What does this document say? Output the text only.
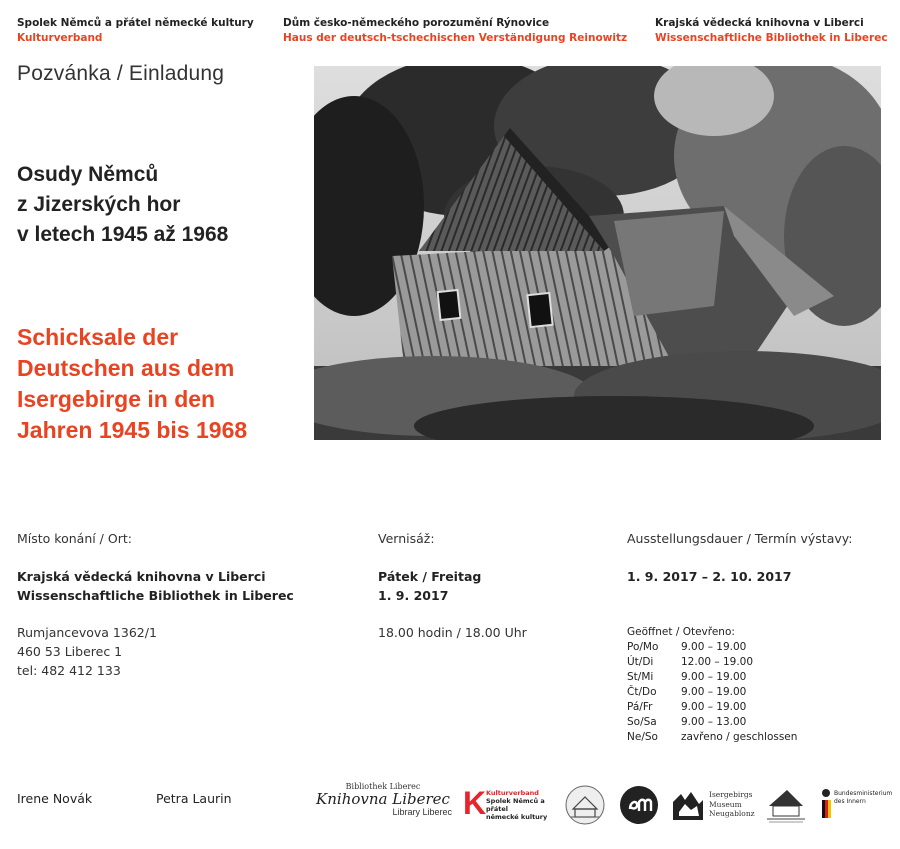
Spolek Němců a přátel německé kultury
Kulturverband
Dům česko-německého porozumění Rýnovice
Haus der deutsch-tschechischen Verständigung Reinowitz
Krajská vědecká knihovna v Liberci
Wissenschaftliche Bibliothek in Liberec
Pozvánka / Einladung
Osudy Němců
z Jizerských hor
v letech 1945 až 1968
Schicksale der
Deutschen aus dem
Isergebirge in den
Jahren 1945 bis 1968
Místo konání / Ort:
Krajská vědecká knihovna v Liberci
Wissenschaftliche Bibliothek in Liberec
Rumjancevova 1362/1
460 53 Liberec 1
tel: 482 412 133
Vernisáž:
Pátek / Freitag
1. 9. 2017
18.00 hodin / 18.00 Uhr
Ausstellungsdauer / Termín výstavy:
1. 9. 2017 – 2. 10. 2017
Geöffnet / Otevřeno:
Po/Mo	9.00 – 19.00
Út/Di	12.00 – 19.00
St/Mi	9.00 – 19.00
Čt/Do	9.00 – 19.00
Pá/Fr	9.00 – 19.00
So/Sa	9.00 – 13.00
Ne/So	zavřeno / geschlossen
Irene Novák	Petra Laurin
Bibliothek Liberec
Knihovna Liberec
Library Liberec K Kulturverband
Spolek Němců a přátel
německé kultury
Isergebirgs
Museum
Neugablonz
Bundesministerium
des Innern
